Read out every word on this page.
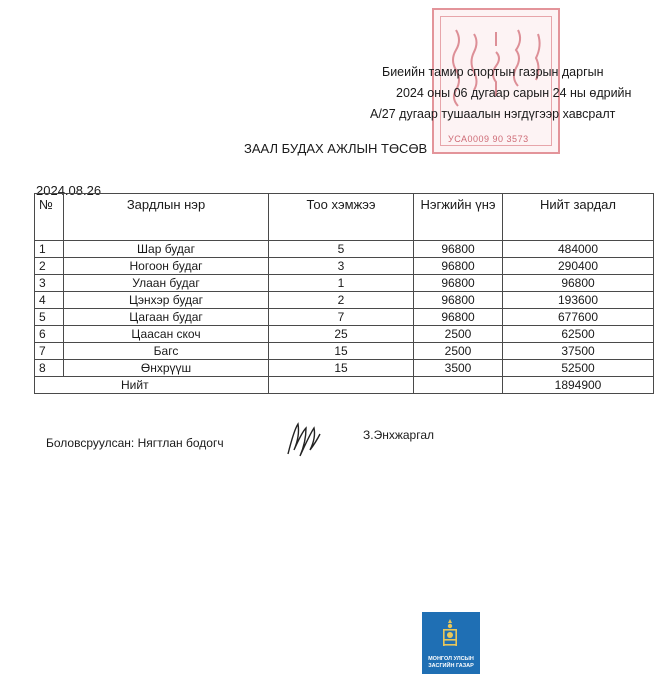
УСА0009 90 3573
Биеийн тамир спортын газрын даргын
2024 оны 06 дугаар сарын 24 ны өдрийн
А/27 дугаар тушаалын нэгдүгээр хавсралт
ЗААЛ БУДАХ АЖЛЫН ТӨСӨВ
2024.08.26
№	Зардлын нэр	Тоо хэмжээ	Нэгжийн үнэ	Нийт зардал
1	Шар будаг	5	96800	484000
2	Ногоон будаг	3	96800	290400
3	Улаан будаг	1	96800	96800
4	Цэнхэр будаг	2	96800	193600
5	Цагаан будаг	7	96800	677600
6	Цаасан скоч	25	2500	62500
7	Багс	15	2500	37500
8	Өнхрүүш	15	3500	52500
Нийт				1894900
Боловсруулсан: Нягтлан бодогч
З.Энхжаргал
МОНГОЛ УЛСЫН
ЗАСГИЙН ГАЗАР
